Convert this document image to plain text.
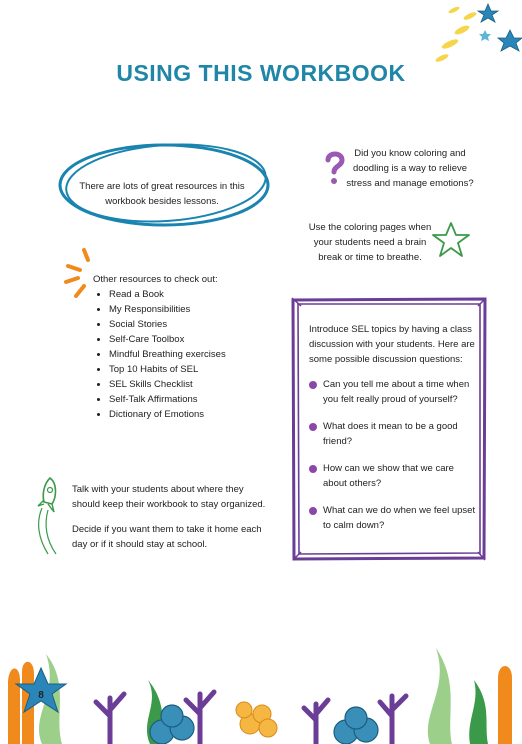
USING THIS WORKBOOK
There are lots of great resources in this workbook besides lessons.
Did you know coloring and doodling is a way to relieve stress and manage emotions?
Use the coloring pages when your students need a brain break or time to breathe.
Other resources to check out:
• Read a Book
• My Responsibilities
• Social Stories
• Self-Care Toolbox
• Mindful Breathing exercises
• Top 10 Habits of SEL
• SEL Skills Checklist
• Self-Talk Affirmations
• Dictionary of Emotions
Introduce SEL topics by having a class discussion with your students. Here are some possible discussion questions:
Can you tell me about a time when you felt really proud of yourself?
What does it mean to be a good friend?
How can we show that we care about others?
What can we do when we feel upset to calm down?

Talk with your students about where they should keep their workbook to stay organized.

Decide if you want them to take it home each day or if it should stay at school.

8
